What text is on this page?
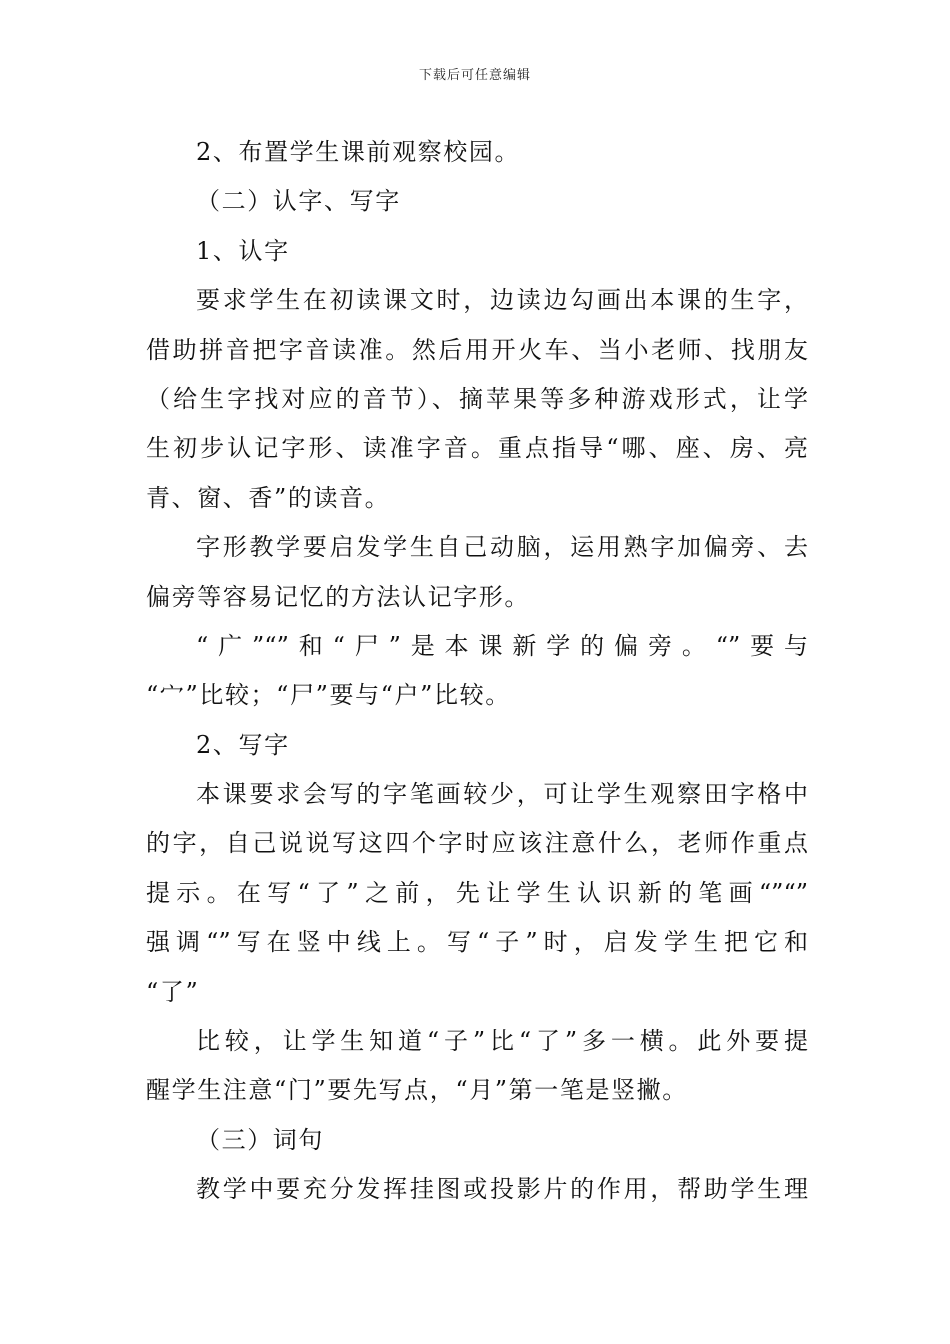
下载后可任意编辑
2、布置学生课前观察校园。
（二）认字、写字
1、认字
要求学生在初读课文时，边读边勾画出本课的生字，
借助拼音把字音读准。然后用开火车、当小老师、找朋友
（给生字找对应的音节）、摘苹果等多种游戏形式，让学
生初步认记字形、读准字音。重点指导“哪、座、房、亮
青、窗、香”的读音。
字形教学要启发学生自己动脑，运用熟字加偏旁、去
偏旁等容易记忆的方法认记字形。
“广”“”和“尸”是本课新学的偏旁。“”要与
“宀”比较；“尸”要与“户”比较。
2、写字
本课要求会写的字笔画较少，可让学生观察田字格中
的字，自己说说写这四个字时应该注意什么，老师作重点
提示。在写“了”之前，先让学生认识新的笔画“”“”
强调“”写在竖中线上。写“子”时，启发学生把它和
“了”
比较，让学生知道“子”比“了”多一横。此外要提
醒学生注意“门”要先写点，“月”第一笔是竖撇。
（三）词句
教学中要充分发挥挂图或投影片的作用，帮助学生理
